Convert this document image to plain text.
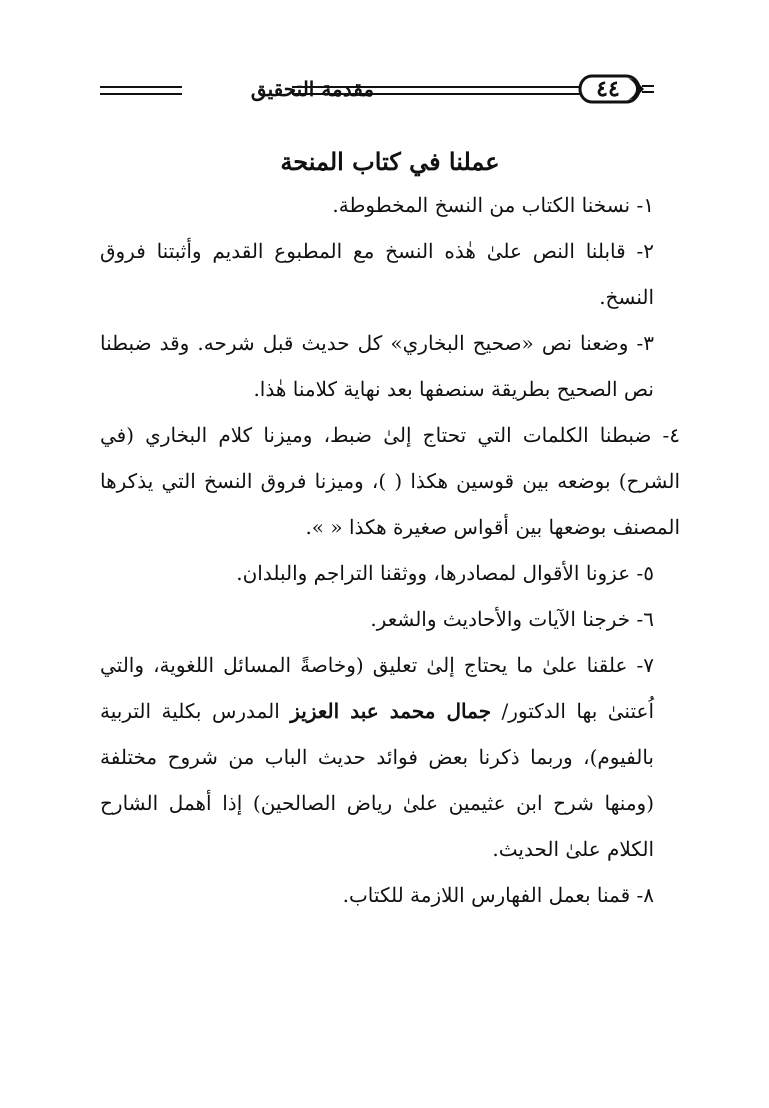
مقدمة التحقيق	٤٤
عملنا في كتاب المنحة

١- نسخنا الكتاب من النسخ المخطوطة.

٢- قابلنا النص علىٰ هٰذه النسخ مع المطبوع القديم وأثبتنا فروق النسخ.

٣- وضعنا نص «صحيح البخاري» كل حديث قبل شرحه. وقد ضبطنا نص الصحيح بطريقة سنصفها بعد نهاية كلامنا هٰذا.

٤- ضبطنا الكلمات التي تحتاج إلىٰ ضبط، وميزنا كلام البخاري (في الشرح) بوضعه بين قوسين هكذا ( )، وميزنا فروق النسخ التي يذكرها المصنف بوضعها بين أقواس صغيرة هكذا « ».

٥- عزونا الأقوال لمصادرها، ووثقنا التراجم والبلدان.

٦- خرجنا الآيات والأحاديث والشعر.

٧- علقنا علىٰ ما يحتاج إلىٰ تعليق (وخاصةً المسائل اللغوية، والتي اُعتنىٰ بها الدكتور/ جمال محمد عبد العزيز المدرس بكلية التربية بالفيوم)، وربما ذكرنا بعض فوائد حديث الباب من شروح مختلفة (ومنها شرح ابن عثيمين علىٰ رياض الصالحين) إذا أهمل الشارح الكلام علىٰ الحديث.

٨- قمنا بعمل الفهارس اللازمة للكتاب.
